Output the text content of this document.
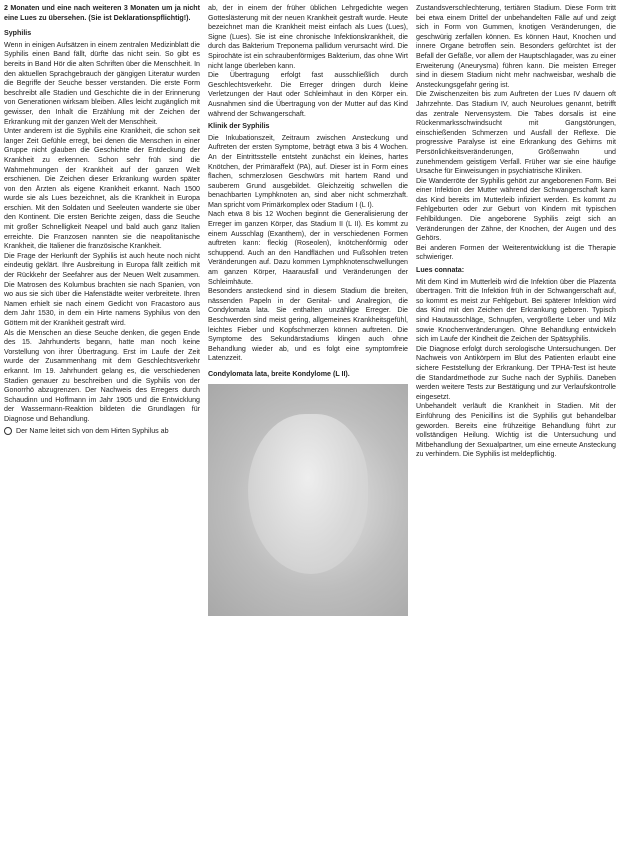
2 Monaten und eine nach weiteren 3 Monaten um ja nicht eine Lues zu übersehen. (Sie ist Deklarationspflichtig!).

Syphilis

Wenn in einigen Aufsätzen in einem zentralen Medizinblatt die Syphilis einen Band fällt, dürfte das nicht sein. So gibt es bereits in Band Hör die alten Schriften über die Menschheit. In den aktuellen Sprachgebrauch der gängigen Literatur wurden die Begriffe der Seuche besser verstanden. Die erste Form beschreibt alle Stadien und Geschichte die in der Erinnerung von Generationen wirksam bleiben. Alles leicht zugänglich mit gewisser, den Inhalt die Erzählung mit der Zeichen der Erkrankung mit der ganzen Welt der Menschheit.

Unter anderem ist die Syphilis eine Krankheit, die schon seit langer Zeit Gefühle erregt, bei denen die Menschen in einer Gruppe nicht glauben die Geschichte der Entdeckung der Krankheit zu erkennen. Schon sehr früh sind die Wahrnehmungen der Krankheit auf der ganzen Welt erschienen. Die Zeichen dieser Erkrankung wurden später von den Ärzten als eigene Krankheit erkannt. Nach 1500 wurde sie als Lues bezeichnet, als die Krankheit in Europa erschien. Mit den Soldaten und Seeleuten wanderte sie über den Kontinent. Die ersten Berichte zeigen, dass die Seuche mit großer Schnelligkeit Neapel und bald auch ganz Italien erreichte. Die Franzosen nannten sie die neapolitanische Krankheit, die Italiener die französische Krankheit.

Die Frage der Herkunft der Syphilis ist auch heute noch nicht eindeutig geklärt. Ihre Ausbreitung in Europa fällt zeitlich mit der Rückkehr der Seefahrer aus der Neuen Welt zusammen. Die Matrosen des Kolumbus brachten sie nach Spanien, von wo aus sie sich über die Hafenstädte weiter verbreitete. Ihren Namen erhielt sie nach einem Gedicht von Fracastoro aus dem Jahr 1530, in dem ein Hirte namens Syphilus von den Göttern mit der Krankheit gestraft wird.

Als die Menschen an diese Seuche denken, die gegen Ende des 15. Jahrhunderts begann, hatte man noch keine Vorstellung von ihrer Übertragung. Erst im Laufe der Zeit wurde der Zusammenhang mit dem Geschlechtsverkehr erkannt. Im 19. Jahrhundert gelang es, die verschiedenen Stadien genauer zu beschreiben und die Syphilis von der Gonorrhö abzugrenzen. Der Nachweis des Erregers durch Schaudinn und Hoffmann im Jahr 1905 und die Entwicklung der Wassermann-Reaktion bildeten die Grundlagen für Diagnose und Behandlung.

Der Name leitet sich von dem Hirten Syphilus ab

ab, der in einem der früher üblichen Lehrgedichte wegen Gotteslästerung mit der neuen Krankheit gestraft wurde. Heute bezeichnet man die Krankheit meist einfach als Lues (Lues), Signe (Lues). Sie ist eine chronische Infektionskrankheit, die durch das Bakterium Treponema pallidum verursacht wird. Die Spirochäte ist ein schraubenförmiges Bakterium, das ohne Wirt nicht lange überleben kann.

Die Übertragung erfolgt fast ausschließlich durch Geschlechtsverkehr. Die Erreger dringen durch kleine Verletzungen der Haut oder Schleimhaut in den Körper ein. Ausnahmen sind die Übertragung von der Mutter auf das Kind während der Schwangerschaft.

Klinik der Syphilis

Die Inkubationszeit, Zeitraum zwischen Ansteckung und Auftreten der ersten Symptome, beträgt etwa 3 bis 4 Wochen. An der Eintrittsstelle entsteht zunächst ein kleines, hartes Knötchen, der Primäraffekt (PA), auf. Dieser ist in Form eines flachen, schmerzlosen Geschwürs mit hartem Rand und sauberem Grund ausgebildet. Gleichzeitig schwellen die benachbarten Lymphknoten an, sind aber nicht schmerzhaft. Man spricht vom Primärkomplex oder Stadium I (L I).

Nach etwa 8 bis 12 Wochen beginnt die Generalisierung der Erreger im ganzen Körper, das Stadium II (L II). Es kommt zu einem Ausschlag (Exanthem), der in verschiedenen Formen auftreten kann: fleckig (Roseolen), knötchenförmig oder schuppend. Auch an den Handflächen und Fußsohlen treten Veränderungen auf. Dazu kommen Lymphknotenschwellungen am ganzen Körper, Haarausfall und Veränderungen der Schleimhäute.

Besonders ansteckend sind in diesem Stadium die breiten, nässenden Papeln in der Genital- und Analregion, die Condylomata lata. Sie enthalten unzählige Erreger. Die Beschwerden sind meist gering, allgemeines Krankheitsgefühl, leichtes Fieber und Kopfschmerzen können auftreten. Die Symptome des Sekundärstadiums klingen auch ohne Behandlung wieder ab, und es folgt eine symptomfreie Latenzzeit.

Condylomata lata, breite Kondylome (L II).

Zustandsverschlechterung, tertiären Stadium. Diese Form tritt bei etwa einem Drittel der unbehandelten Fälle auf und zeigt sich in Form von Gummen, knotigen Veränderungen, die geschwürig zerfallen können. Es können Haut, Knochen und innere Organe betroffen sein. Besonders gefürchtet ist der Befall der Gefäße, vor allem der Hauptschlagader, was zu einer Erweiterung (Aneurysma) führen kann. Die meisten Erreger sind in diesem Stadium nicht mehr nachweisbar, weshalb die Ansteckungsgefahr gering ist.

Die Zwischenzeiten bis zum Auftreten der Lues IV dauern oft Jahrzehnte. Das Stadium IV, auch Neurolues genannt, betrifft das zentrale Nervensystem. Die Tabes dorsalis ist eine Rückenmarksschwindsucht mit Gangstörungen, einschießenden Schmerzen und Ausfall der Reflexe. Die progressive Paralyse ist eine Erkrankung des Gehirns mit Persönlichkeitsveränderungen, Größenwahn und zunehmendem geistigem Verfall. Früher war sie eine häufige Ursache für Einweisungen in psychiatrische Kliniken.

Die Wanderröte der Syphilis gehört zur angeborenen Form. Bei einer Infektion der Mutter während der Schwangerschaft kann das Kind bereits im Mutterleib infiziert werden. Es kommt zu Fehlgeburten oder zur Geburt von Kindern mit typischen Fehlbildungen. Die angeborene Syphilis zeigt sich an Veränderungen der Zähne, der Knochen, der Augen und des Gehörs.

Bei anderen Formen der Weiterentwicklung ist die Therapie schwieriger.

Lues connata:

Mit dem Kind im Mutterleib wird die Infektion über die Plazenta übertragen. Tritt die Infektion früh in der Schwangerschaft auf, so kommt es meist zur Fehlgeburt. Bei späterer Infektion wird das Kind mit den Zeichen der Erkrankung geboren. Typisch sind Hautausschläge, Schnupfen, vergrößerte Leber und Milz sowie Knochenveränderungen. Ohne Behandlung entwickeln sich im Laufe der Kindheit die Zeichen der Spätsyphilis.

Die Diagnose erfolgt durch serologische Untersuchungen. Der Nachweis von Antikörpern im Blut des Patienten erlaubt eine sichere Feststellung der Erkrankung. Der TPHA-Test ist heute die Standardmethode zur Suche nach der Syphilis. Daneben werden weitere Tests zur Bestätigung und zur Verlaufskontrolle eingesetzt.

Unbehandelt verläuft die Krankheit in Stadien. Mit der Einführung des Penicillins ist die Syphilis gut behandelbar geworden. Bereits eine frühzeitige Behandlung führt zur vollständigen Heilung. Wichtig ist die Untersuchung und Mitbehandlung der Sexualpartner, um eine erneute Ansteckung zu verhindern. Die Syphilis ist meldepflichtig.
